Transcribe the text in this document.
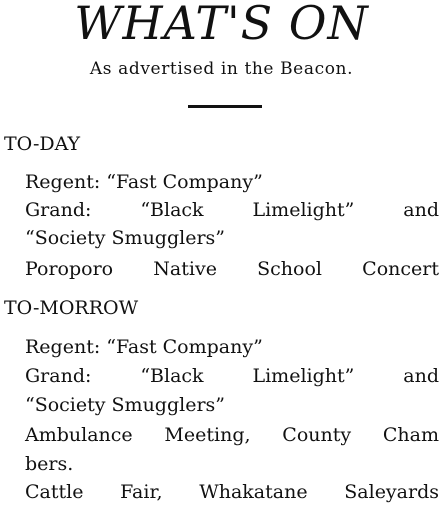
WHAT'S ON
As advertised in the Beacon.
TO-DAY
Regent: “Fast Company”
Grand: “Black Limelight” and
“Society Smugglers”
Poroporo Native School Concert
TO-MORROW
Regent: “Fast Company”
Grand: “Black Limelight” and
“Society Smugglers”
Ambulance Meeting, County Cham
bers.
Cattle Fair, Whakatane Saleyards
